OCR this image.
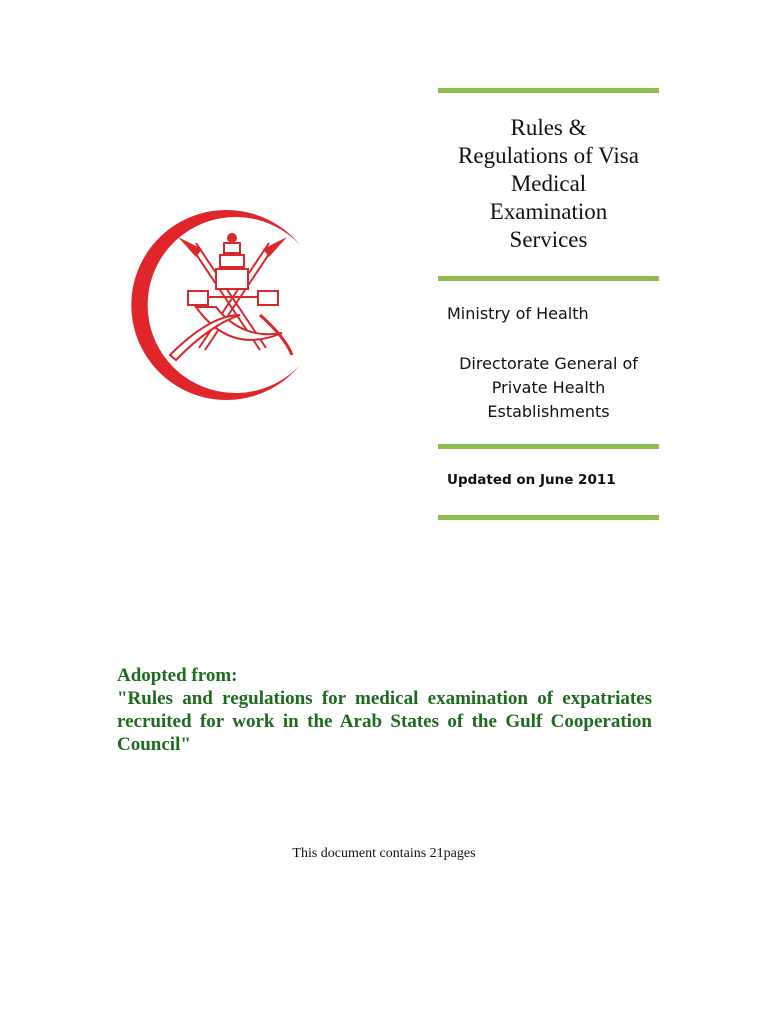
Rules &
Regulations of Visa
Medical
Examination
Services
Ministry of Health
Directorate General of
Private Health
Establishments
Updated on June 2011
Adopted from:
"Rules and regulations for medical examination of expatriates recruited for work in the Arab States of the Gulf Cooperation Council"
This document contains 21pages
